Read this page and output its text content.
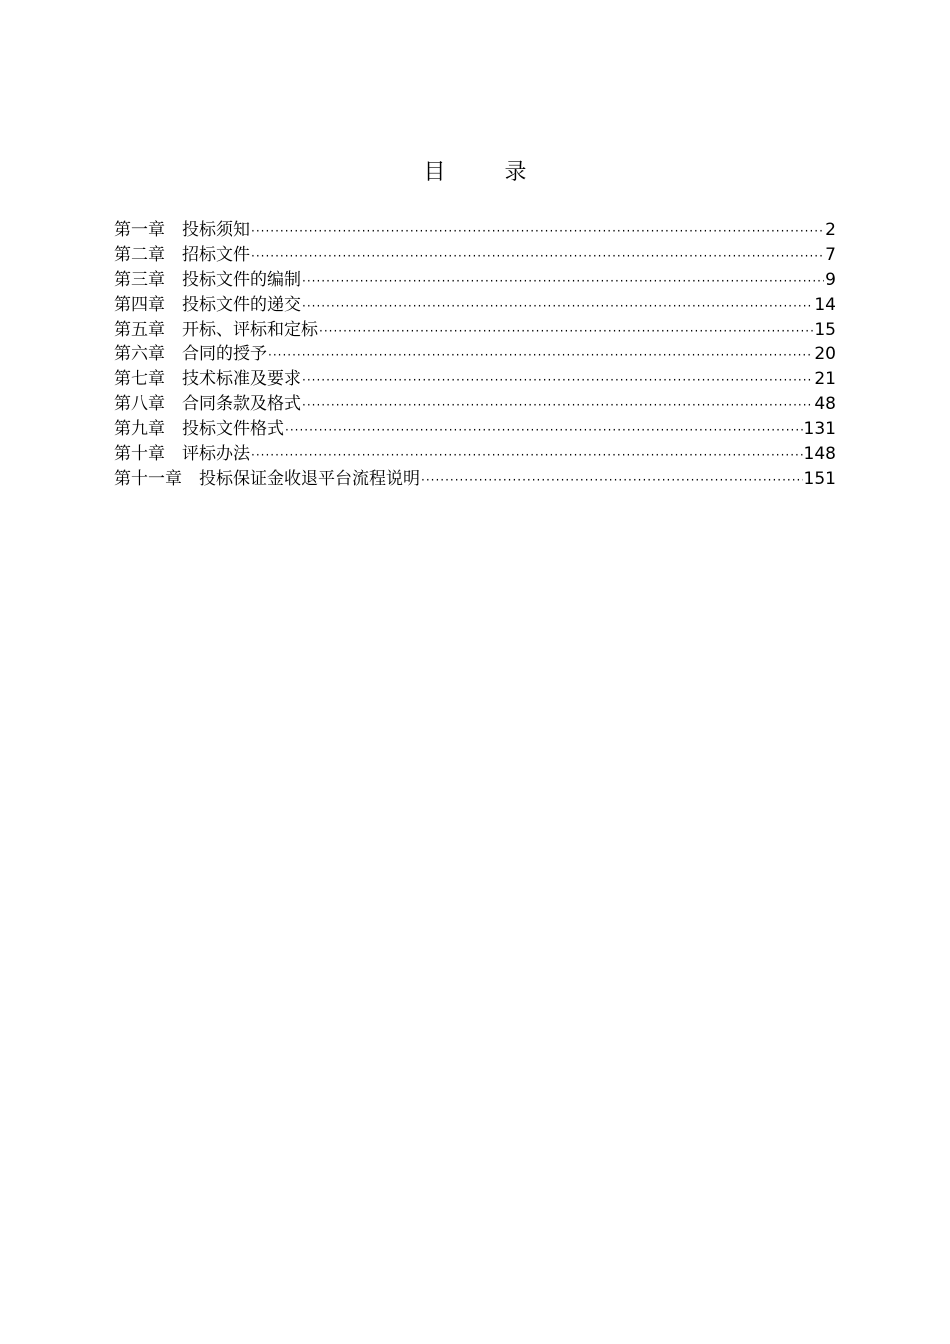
目 录
第一章　投标须知 ·····	2
第二章　招标文件 ·····	7
第三章　投标文件的编制 ·····	9
第四章　投标文件的递交 ·····	14
第五章　开标、评标和定标 ·····	15
第六章　合同的授予 ·····	20
第七章　技术标准及要求 ·····	21
第八章　合同条款及格式 ·····	48
第九章　投标文件格式 ·····	131
第十章　评标办法 ·····	148
第十一章　投标保证金收退平台流程说明 ·····	151
